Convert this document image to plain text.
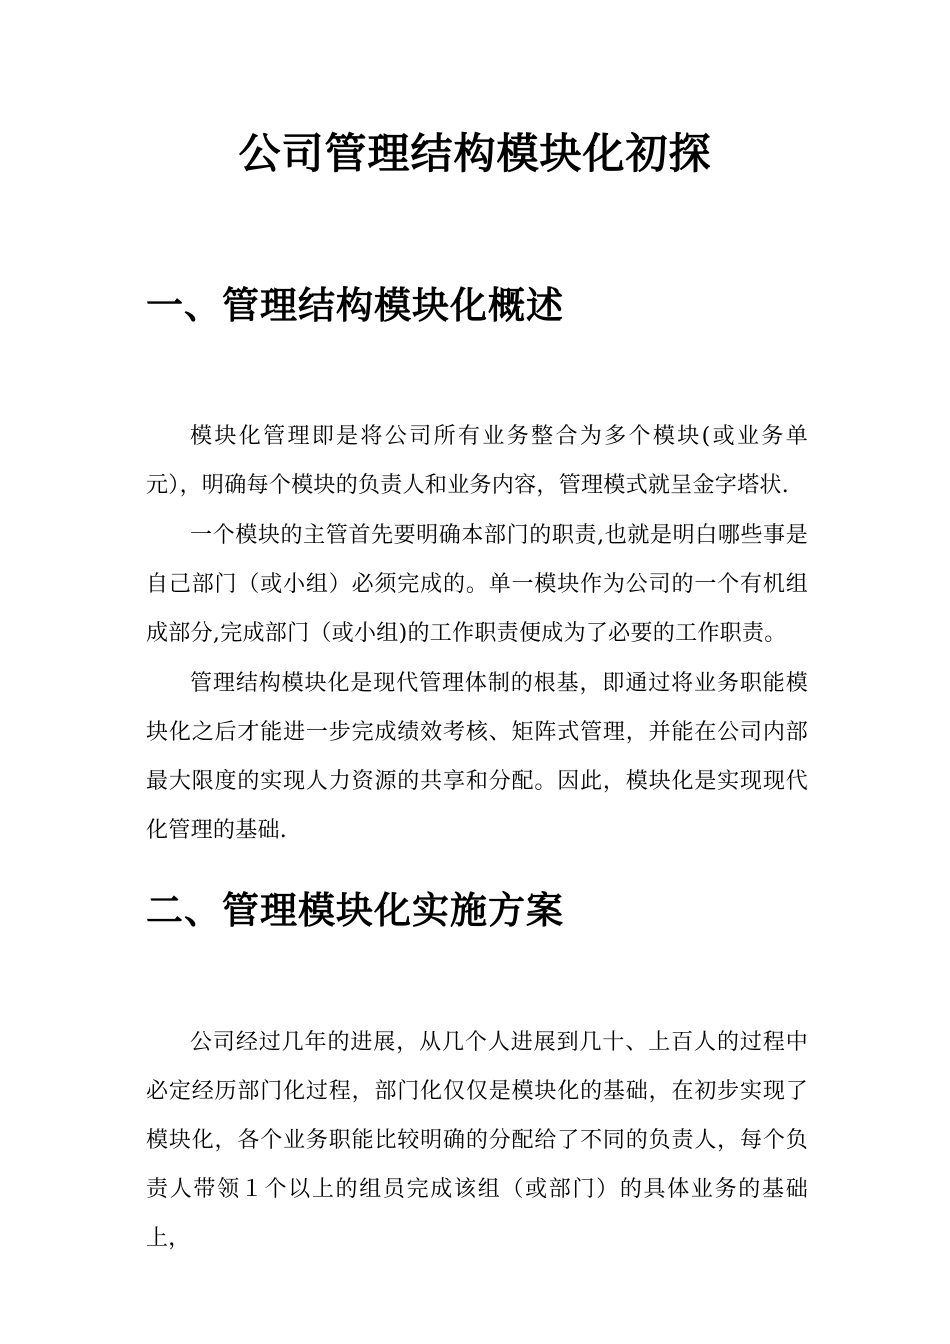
公司管理结构模块化初探
一、管理结构模块化概述

模块化管理即是将公司所有业务整合为多个模块(或业务单元），明确每个模块的负责人和业务内容，管理模式就呈金字塔状.

一个模块的主管首先要明确本部门的职责,也就是明白哪些事是自己部门（或小组）必须完成的。单一模块作为公司的一个有机组成部分,完成部门（或小组)的工作职责便成为了必要的工作职责。

管理结构模块化是现代管理体制的根基，即通过将业务职能模块化之后才能进一步完成绩效考核、矩阵式管理，并能在公司内部最大限度的实现人力资源的共享和分配。因此，模块化是实现现代化管理的基础.

二、管理模块化实施方案

公司经过几年的进展，从几个人进展到几十、上百人的过程中必定经历部门化过程，部门化仅仅是模块化的基础，在初步实现了模块化，各个业务职能比较明确的分配给了不同的负责人，每个负责人带领１个以上的组员完成该组（或部门）的具体业务的基础上，
